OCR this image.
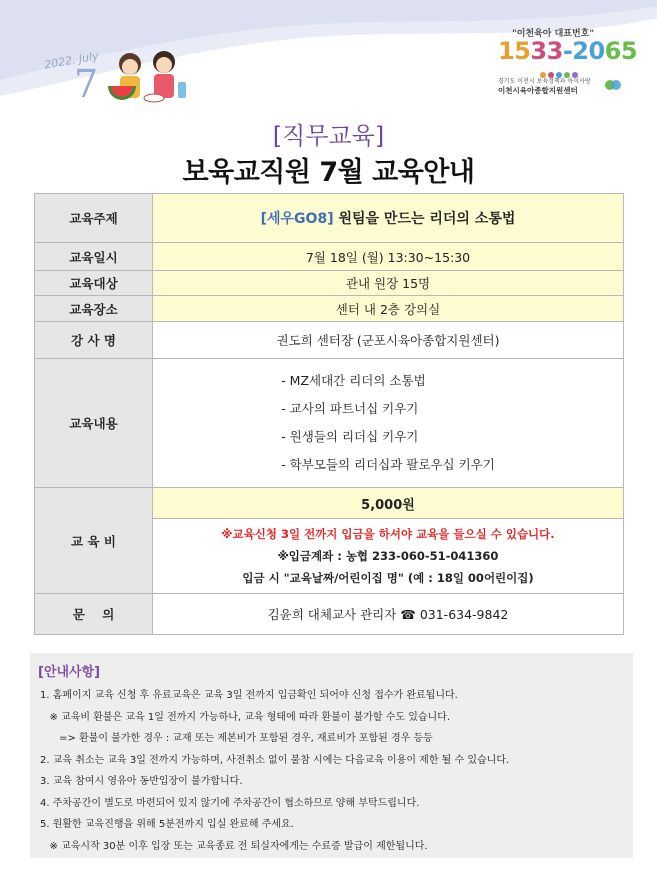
2022. July
7
"이천육아 대표번호"
1533-2065
경기도 이천시 보육정책과 아이사랑
이천시육아종합지원센터
[직무교육]
보육교직원 7월 교육안내
교육주제	[세우GO8] 원팀을 만드는 리더의 소통법
교육일시	7월 18일 (월) 13:30~15:30
교육대상	관내 원장 15명
교육장소	센터 내 2층 강의실
강 사 명	권도희 센터장 (군포시육아종합지원센터)
교육내용	- MZ세대간 리더의 소통법
- 교사의 파트너십 키우기
- 원생들의 리더십 키우기
- 학부모들의 리더십과 팔로우십 키우기

교 육 비	5,000원

	※교육신청 3일 전까지 입금을 하셔야 교육을 들으실 수 있습니다.
※입금계좌 : 농협 233-060-51-041360
입금 시 "교육날짜/어린이집 명" (예 : 18일 00어린이집)

문    의	김윤희 대체교사 관리자 ☎ 031-634-9842
[안내사항]
1. 홈페이지 교육 신청 후 유료교육은 교육 3일 전까지 입금확인 되어야 신청 접수가 완료됩니다.
※ 교육비 환불은 교육 1일 전까지 가능하나, 교육 형태에 따라 환불이 불가할 수도 있습니다.
=> 환불이 불가한 경우 : 교재 또는 제본비가 포함된 경우, 재료비가 포함된 경우 등등
2. 교육 취소는 교육 3일 전까지 가능하며, 사전취소 없이 불참 시에는 다음교육 이용이 제한 될 수 있습니다.
3. 교육 참여시 영유아 동반입장이 불가합니다.
4. 주차공간이 별도로 마련되어 있지 않기에 주차공간이 협소하므로 양해 부탁드립니다.
5. 원활한 교육진행을 위해 5분전까지 입실 완료해 주세요.
※ 교육시작 30분 이후 입장 또는 교육종료 전 퇴실자에게는 수료증 발급이 제한됩니다.
